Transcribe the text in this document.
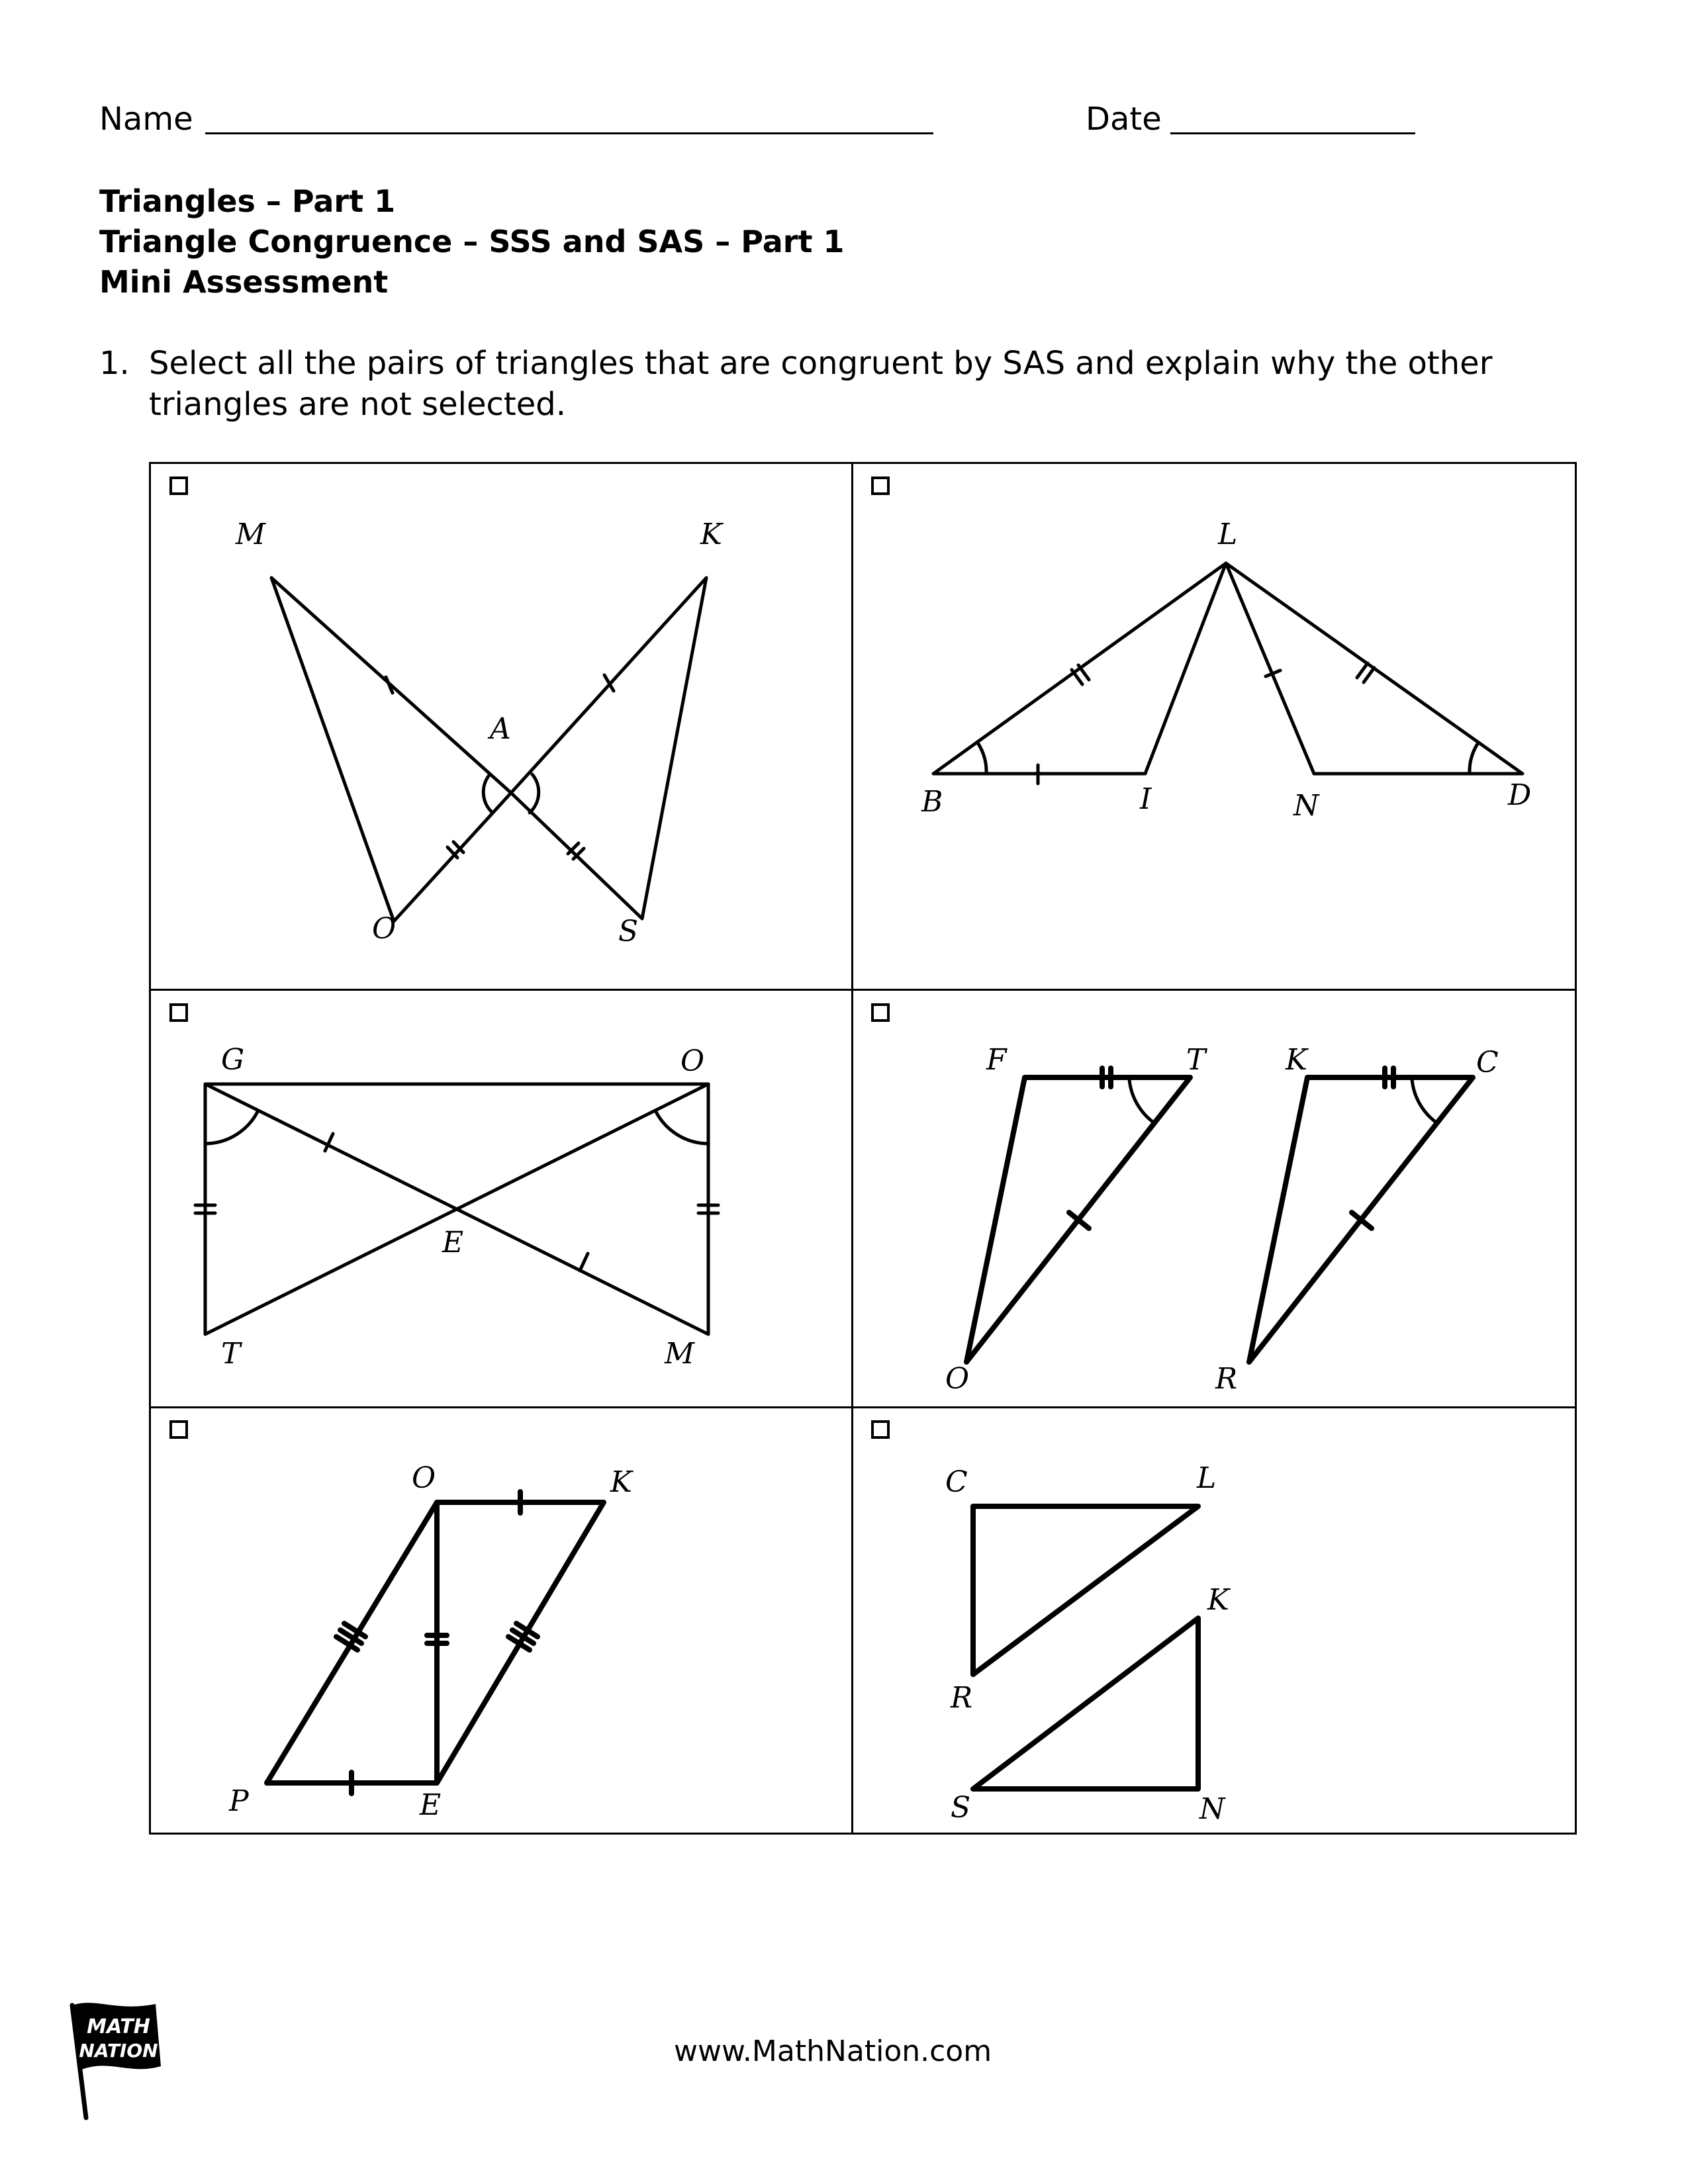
Name	Date
Triangles – Part 1
Triangle Congruence – SSS and SAS – Part 1
Mini Assessment
1. Select all the pairs of triangles that are congruent by SAS and explain why the other
triangles are not selected.
M	K
A
O	S
L
B	I	N	D
G	O
E
T	M
F	T	K	C
O	R
O	K
P	E
C	L
K
R
S	N
MATH
NATION	www.MathNation.com
